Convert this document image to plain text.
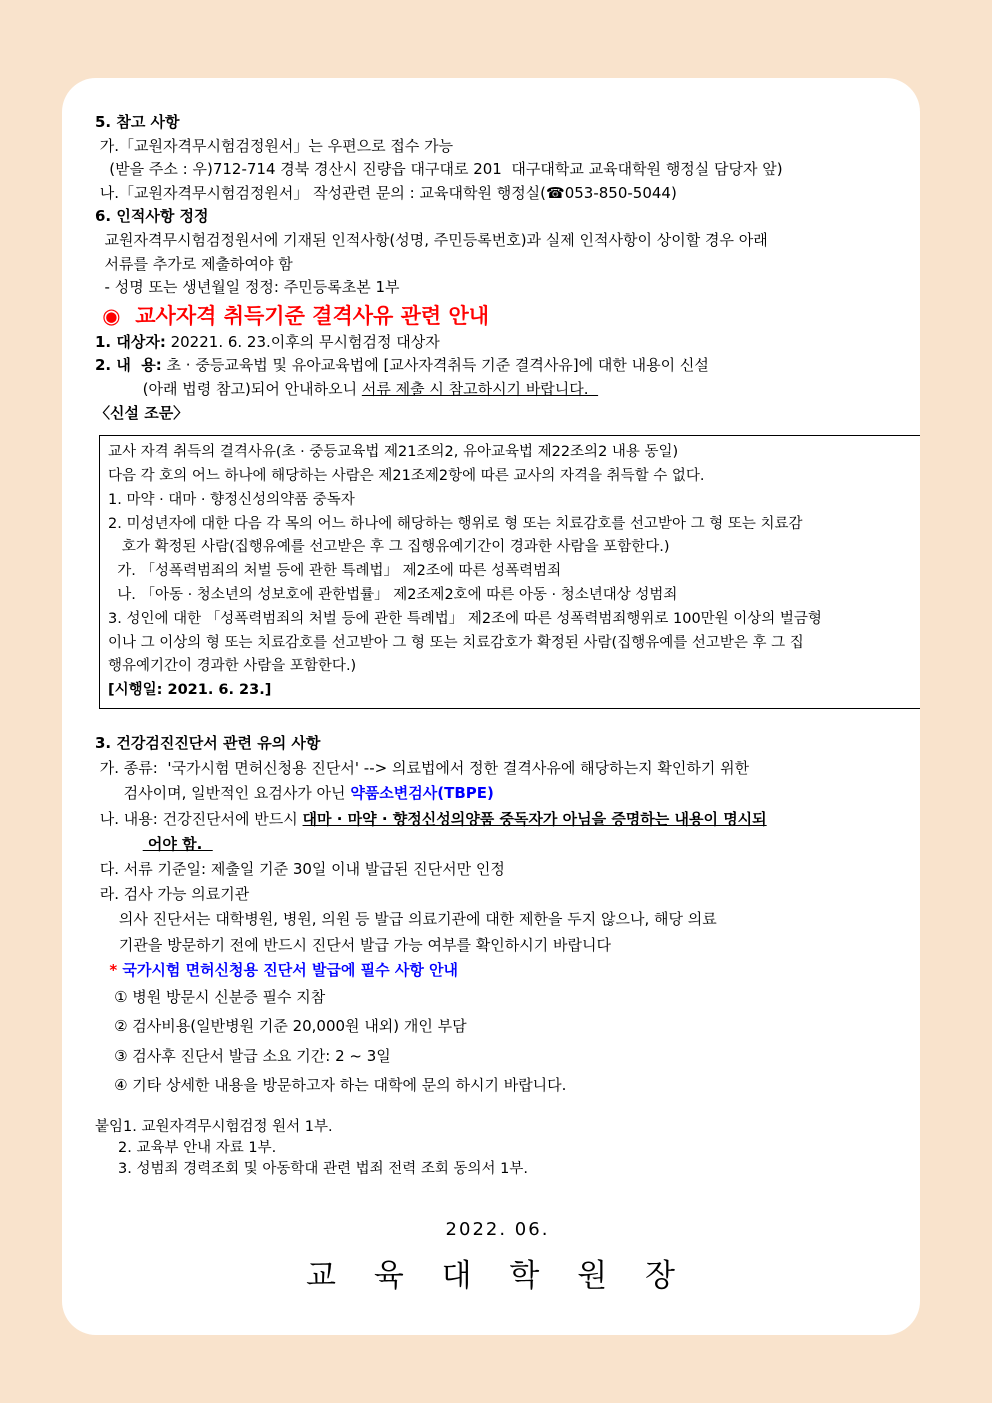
5. 참고 사항
가.「교원자격무시험검정원서」는 우편으로 접수 가능
(받을 주소 : 우)712-714 경북 경산시 진량읍 대구대로 201  대구대학교 교육대학원 행정실 담당자 앞)
나.「교원자격무시험검정원서」 작성관련 문의 : 교육대학원 행정실(☎053-850-5044)
6. 인적사항 정정
교원자격무시험검정원서에 기재된 인적사항(성명, 주민등록번호)과 실제 인적사항이 상이할 경우 아래
서류를 추가로 제출하여야 함
- 성명 또는 생년월일 정정: 주민등록초본 1부
◉  교사자격 취득기준 결격사유 관련 안내
1. 대상자: 20221. 6. 23.이후의 무시험검정 대상자
2. 내  용: 초 · 중등교육법 및 유아교육법에 [교사자격취득 기준 결격사유]에 대한 내용이 신설
(아래 법령 참고)되어 안내하오니 서류 제출 시 참고하시기 바랍니다.
〈신설 조문〉
교사 자격 취득의 결격사유(초 · 중등교육법 제21조의2, 유아교육법 제22조의2 내용 동일)
다음 각 호의 어느 하나에 해당하는 사람은 제21조제2항에 따른 교사의 자격을 취득할 수 없다.
1. 마약 · 대마 · 향정신성의약품 중독자
2. 미성년자에 대한 다음 각 목의 어느 하나에 해당하는 행위로 형 또는 치료감호를 선고받아 그 형 또는 치료감
호가 확정된 사람(집행유예를 선고받은 후 그 집행유예기간이 경과한 사람을 포함한다.)
가. 「성폭력범죄의 처벌 등에 관한 특례법」 제2조에 따른 성폭력범죄
나. 「아동 · 청소년의 성보호에 관한법률」 제2조제2호에 따른 아동 · 청소년대상 성범죄
3. 성인에 대한 「성폭력범죄의 처벌 등에 관한 특례법」 제2조에 따른 성폭력범죄행위로 100만원 이상의 벌금형
이나 그 이상의 형 또는 치료감호를 선고받아 그 형 또는 치료감호가 확정된 사람(집행유예를 선고받은 후 그 집
행유예기간이 경과한 사람을 포함한다.)
[시행일: 2021. 6. 23.]
3. 건강검진진단서 관련 유의 사항
가. 종류:  '국가시험 면허신청용 진단서' --> 의료법에서 정한 결격사유에 해당하는지 확인하기 위한
검사이며, 일반적인 요검사가 아닌 약품소변검사(TBPE)
나. 내용: 건강진단서에 반드시 대마 · 마약 · 향정신성의양품 중독자가 아님을 증명하는 내용이 명시되
어야 함.
다. 서류 기준일: 제출일 기준 30일 이내 발급된 진단서만 인정
라. 검사 가능 의료기관
의사 진단서는 대학병원, 병원, 의원 등 발급 의료기관에 대한 제한을 두지 않으나, 해당 의료
기관을 방문하기 전에 반드시 진단서 발급 가능 여부를 확인하시기 바랍니다
* 국가시험 면허신청용 진단서 발급에 필수 사항 안내
① 병원 방문시 신분증 필수 지참
② 검사비용(일반병원 기준 20,000원 내외) 개인 부담
③ 검사후 진단서 발급 소요 기간: 2 ~ 3일
④ 기타 상세한 내용을 방문하고자 하는 대학에 문의 하시기 바랍니다.
붙임1. 교원자격무시험검정 원서 1부.
2. 교육부 안내 자료 1부.
3. 성범죄 경력조회 및 아동학대 관련 법죄 전력 조회 동의서 1부.
2022. 06.
교 육 대 학 원 장
